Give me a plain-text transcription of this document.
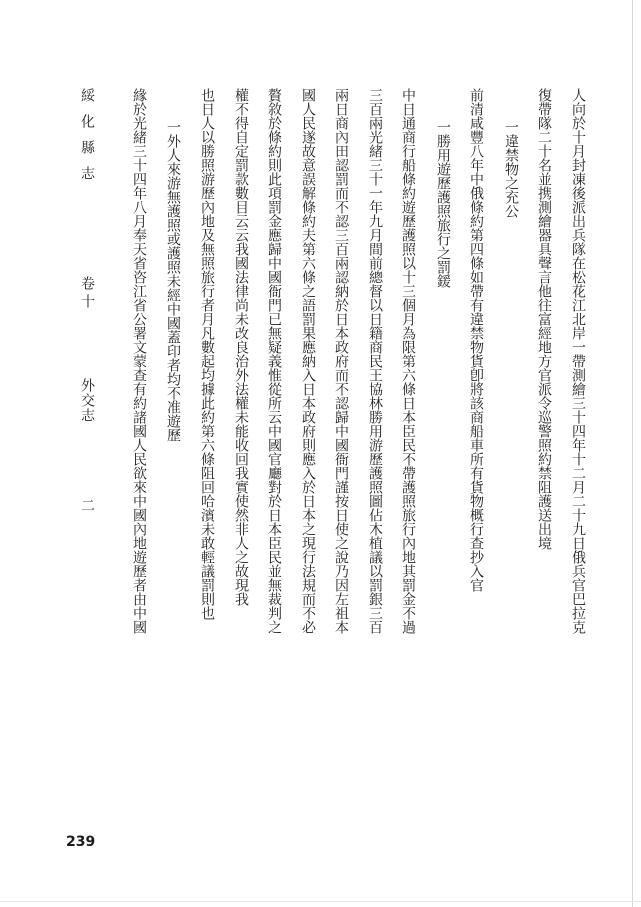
人向於十月封凍後派出兵隊在松花江北岸一帶測繪三十四年十二月二十九日俄兵官巴拉克
復帶隊二十名並携測繪器具聲言他往富經地方官派令巡警照約禁阻護送出境
一違禁物之充公
前清咸豐八年中俄條約第四條如帶有違禁物貨卽將該商船車所有貨物概行查抄入官
一勝用遊歷護照旅行之罰鍰
中日通商行船條約遊歷護照以十三個月為限第六條日本臣民不帶護照旅行內地其罰金不過
三百兩光緒三十一年九月間前總督以日籍商民王協林勝用游歷護照圖佔木植議以罰銀三百
兩日商內田認罰而不認三百兩認納於日本政府而不認歸中國衙門謹按日使之說乃因左祖本
國人民遂故意誤解條約夫第六條之語罰果應納入日本政府則應入於日本之現行法規而不必
贅敘於條約則此項罰金應歸中國衙門已無疑義惟從所云中國官廳對於日本臣民並無裁判之
權不得自定罰款數目云云我國法律尚未改良治外法權未能收回我實使然非人之故現我
也日人以勝照游歷內地及無照旅行者月凡數起均據此約第六條阻回哈濱未敢輕議罰則也
一外人來游無護照或護照未經中國蓋印者均不准遊歷
緣於光緒三十四年八月奉天省咨江省公署文蒙查有約諸國人民欲來中國內地遊歷者由中國
綏化縣志
卷十
外交志
二
239
